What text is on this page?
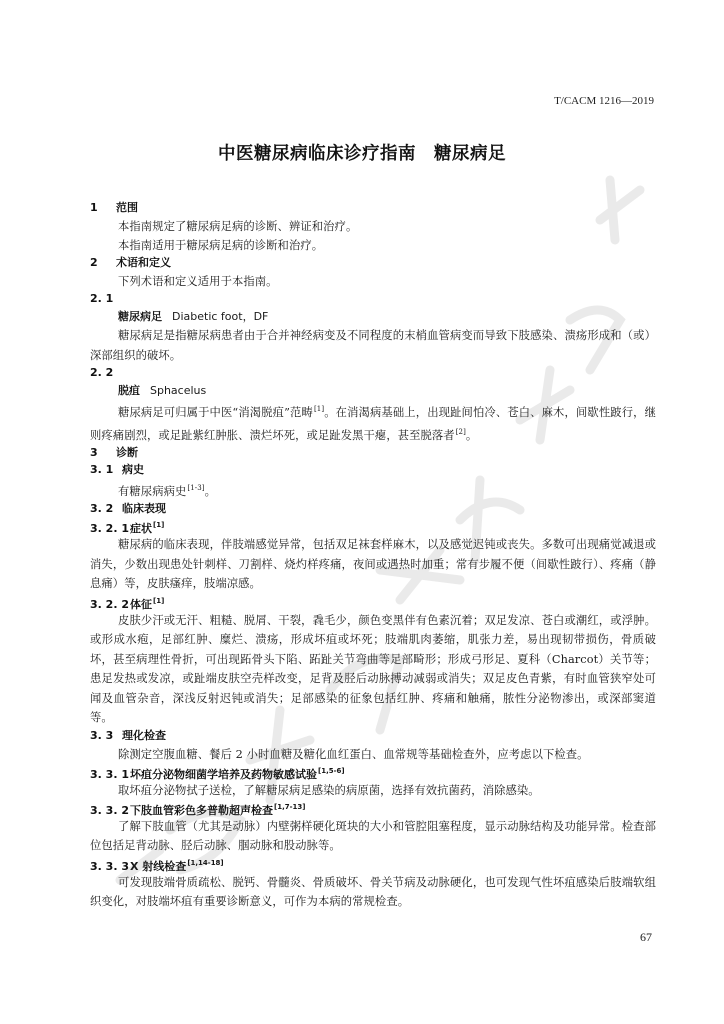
T/CACM 1216—2019
中医糖尿病临床诊疗指南 糖尿病足
1 范围

本指南规定了糖尿病足病的诊断、辨证和治疗。

本指南适用于糖尿病足病的诊断和治疗。

2 术语和定义

下列术语和定义适用于本指南。

2. 1
糖尿病足 Diabetic foot，DF

糖尿病足是指糖尿病患者由于合并神经病变及不同程度的末梢血管病变而导致下肢感染、溃疡形成和（或）深部组织的破坏。

2. 2
脱疽 Sphacelus

糖尿病足可归属于中医“消渴脱疽”范畴[1]。在消渴病基础上，出现趾间怕冷、苍白、麻木，间歇性跛行，继则疼痛剧烈，或足趾紫红肿胀、溃烂坏死，或足趾发黑干瘪，甚至脱落者[2]。

3 诊断
3. 1 病史

有糖尿病病史[1-3]。

3. 2 临床表现
3. 2. 1症状[1]

糖尿病的临床表现，伴肢端感觉异常，包括双足袜套样麻木，以及感觉迟钝或丧失。多数可出现痛觉减退或消失，少数出现患处针刺样、刀割样、烧灼样疼痛，夜间或遇热时加重；常有步履不便（间歇性跛行）、疼痛（静息痛）等，皮肤瘙痒，肢端凉感。

3. 2. 2体征[1]

皮肤少汗或无汗、粗糙、脱屑、干裂，毳毛少，颜色变黑伴有色素沉着；双足发凉、苍白或潮红，或浮肿。或形成水疱，足部红肿、糜烂、溃疡，形成坏疽或坏死；肢端肌肉萎缩，肌张力差，易出现韧带损伤，骨质破坏，甚至病理性骨折，可出现跖骨头下陷、跖趾关节弯曲等足部畸形；形成弓形足、夏科（Charcot）关节等；患足发热或发凉，或趾端皮肤空壳样改变，足背及胫后动脉搏动减弱或消失；双足皮色青紫，有时血管狭窄处可闻及血管杂音，深浅反射迟钝或消失；足部感染的征象包括红肿、疼痛和触痛，脓性分泌物渗出，或深部窦道等。

3. 3 理化检查

除测定空腹血糖、餐后 2 小时血糖及糖化血红蛋白、血常规等基础检查外，应考虑以下检查。

3. 3. 1坏疽分泌物细菌学培养及药物敏感试验[1,5-6]

取坏疽分泌物拭子送检，了解糖尿病足感染的病原菌，选择有效抗菌药，消除感染。

3. 3. 2下肢血管彩色多普勒超声检查[1,7-13]

了解下肢血管（尤其是动脉）内壁粥样硬化斑块的大小和管腔阻塞程度，显示动脉结构及功能异常。检查部位包括足背动脉、胫后动脉、腘动脉和股动脉等。

3. 3. 3X 射线检查[1,14-18]

可发现肢端骨质疏松、脱钙、骨髓炎、骨质破坏、骨关节病及动脉硬化，也可发现气性坏疽感染后肢端软组织变化，对肢端坏疽有重要诊断意义，可作为本病的常规检查。

67
